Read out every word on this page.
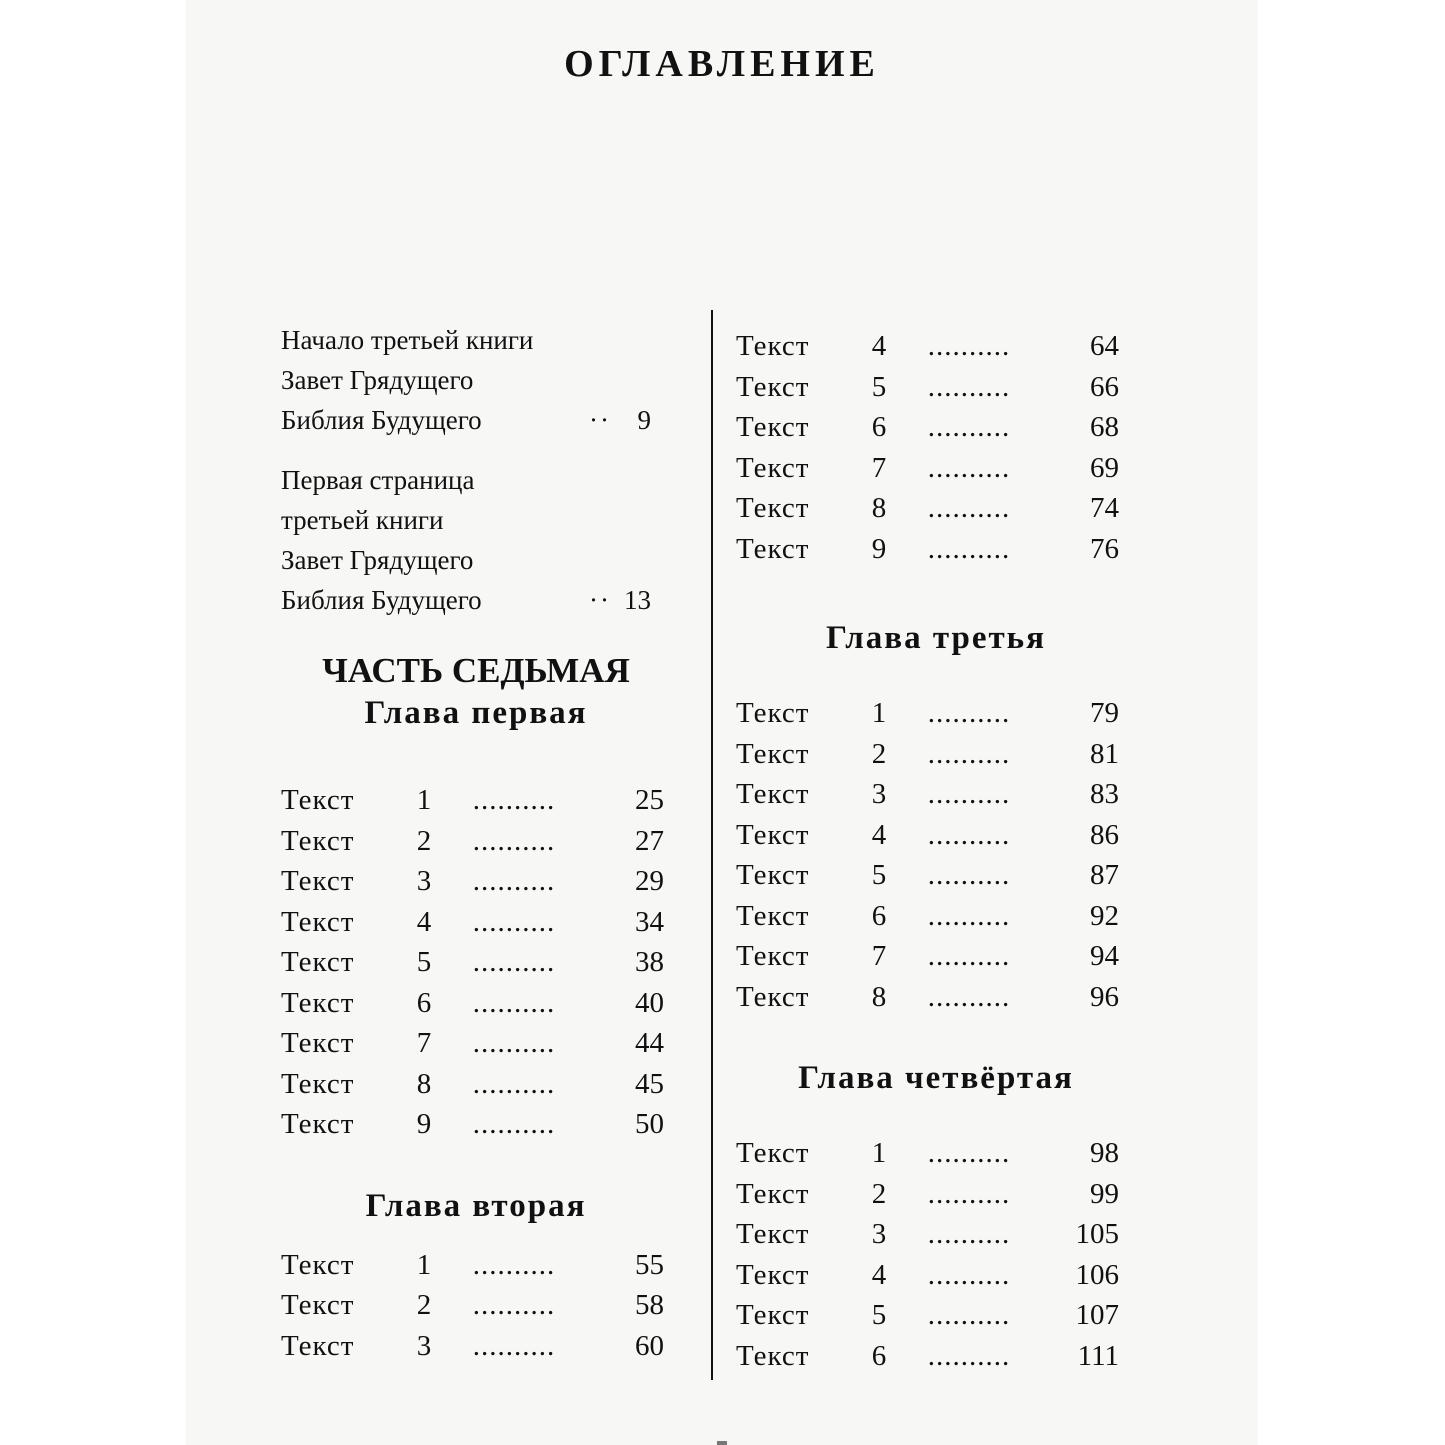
ОГЛАВЛЕНИЕ
Начало третьей книги
Завет Грядущего
Библия Будущего	·· 9
Первая страница
третьей книги
Завет Грядущего
Библия Будущего	·· 13
ЧАСТЬ СЕДЬМАЯ
Глава первая
Текст	1	..........	25
Текст	2	..........	27
Текст	3	..........	29
Текст	4	..........	34
Текст	5	..........	38
Текст	6	..........	40
Текст	7	..........	44
Текст	8	..........	45
Текст	9	..........	50
Глава вторая
Текст	1	..........	55
Текст	2	..........	58
Текст	3	..........	60
Текст	4	..........	64
Текст	5	..........	66
Текст	6	..........	68
Текст	7	..........	69
Текст	8	..........	74
Текст	9	..........	76
Глава третья
Текст	1	..........	79
Текст	2	..........	81
Текст	3	..........	83
Текст	4	..........	86
Текст	5	..........	87
Текст	6	..........	92
Текст	7	..........	94
Текст	8	..........	96
Глава четвёртая
Текст	1	..........	98
Текст	2	..........	99
Текст	3	..........	105
Текст	4	..........	106
Текст	5	..........	107
Текст	6	..........	111
